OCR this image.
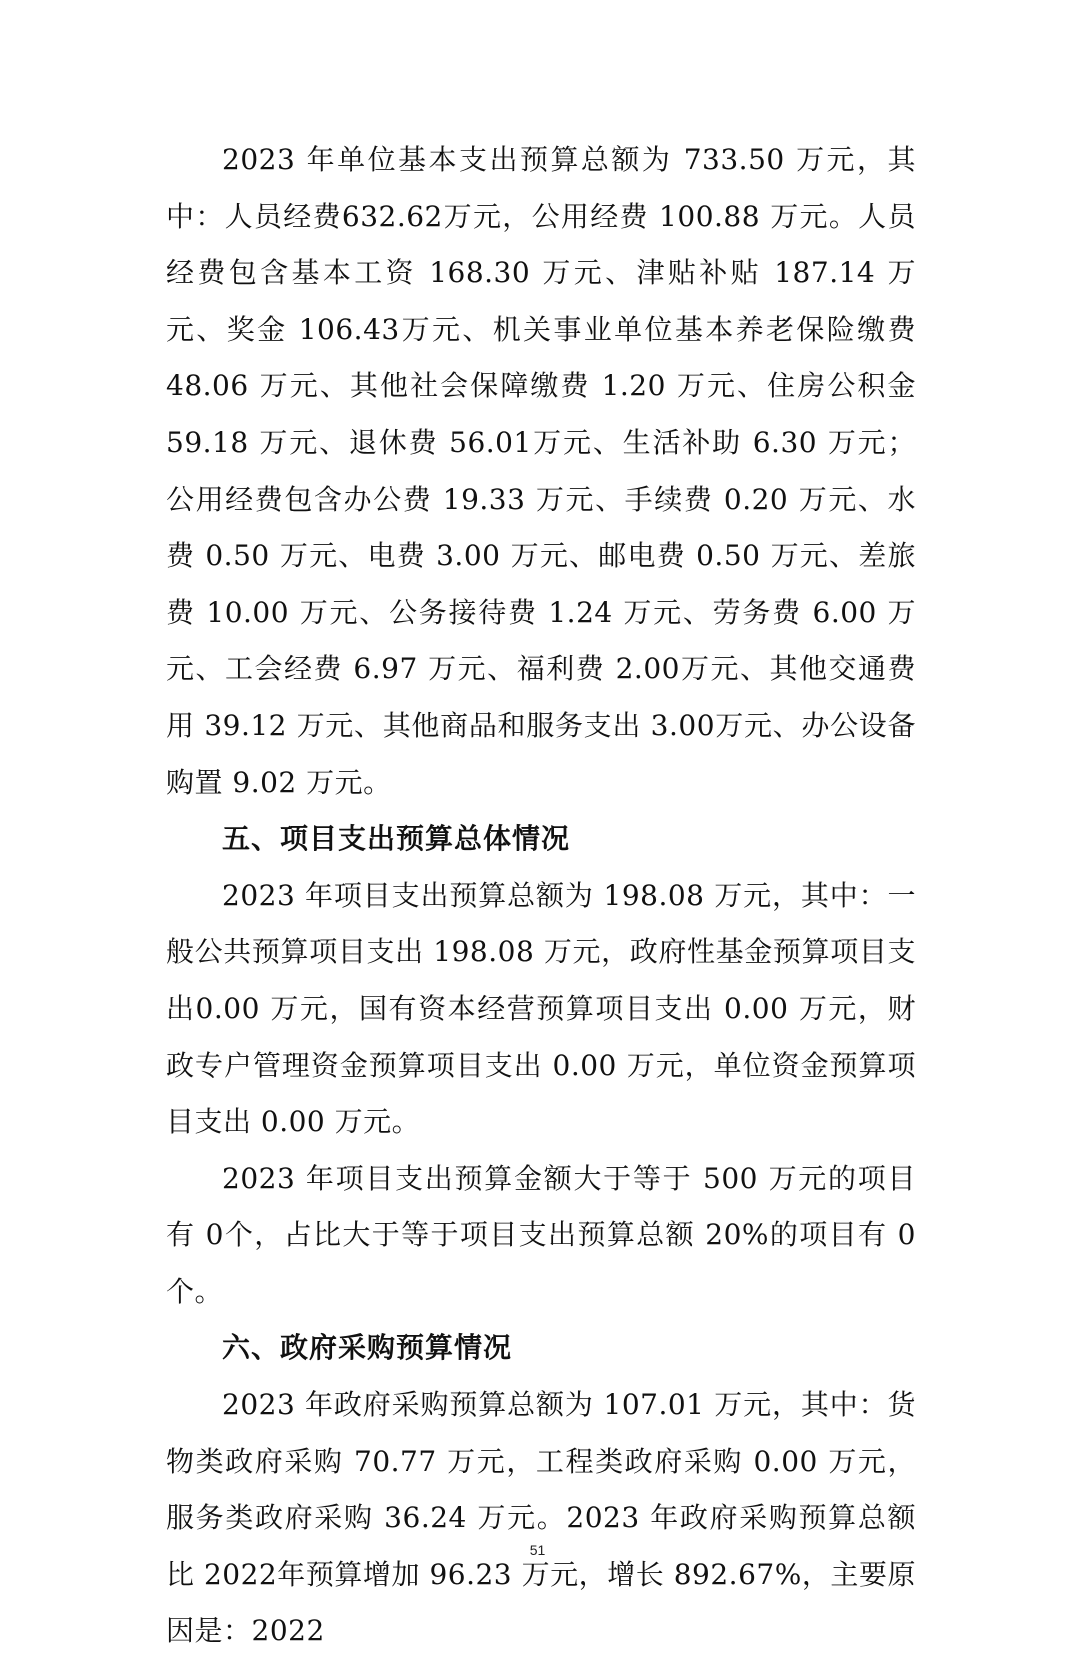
2023 年单位基本支出预算总额为 733.50 万元，其中：人员经费632.62万元，公用经费 100.88 万元。人员经费包含基本工资 168.30 万元、津贴补贴 187.14 万元、奖金 106.43万元、机关事业单位基本养老保险缴费 48.06 万元、其他社会保障缴费 1.20 万元、住房公积金 59.18 万元、退休费 56.01万元、生活补助 6.30 万元；公用经费包含办公费 19.33 万元、手续费 0.20 万元、水费 0.50 万元、电费 3.00 万元、邮电费 0.50 万元、差旅费 10.00 万元、公务接待费 1.24 万元、劳务费 6.00 万元、工会经费 6.97 万元、福利费 2.00万元、其他交通费用 39.12 万元、其他商品和服务支出 3.00万元、办公设备购置 9.02 万元。

五、项目支出预算总体情况

2023 年项目支出预算总额为 198.08 万元，其中：一般公共预算项目支出 198.08 万元，政府性基金预算项目支出0.00 万元，国有资本经营预算项目支出 0.00 万元，财政专户管理资金预算项目支出 0.00 万元，单位资金预算项目支出 0.00 万元。

2023 年项目支出预算金额大于等于 500 万元的项目有 0个，占比大于等于项目支出预算总额 20%的项目有 0 个。

六、政府采购预算情况

2023 年政府采购预算总额为 107.01 万元，其中：货物类政府采购 70.77 万元，工程类政府采购 0.00 万元，服务类政府采购 36.24 万元。2023 年政府采购预算总额比 2022年预算增加 96.23 万元，增长 892.67%，主要原因是：2022

51
